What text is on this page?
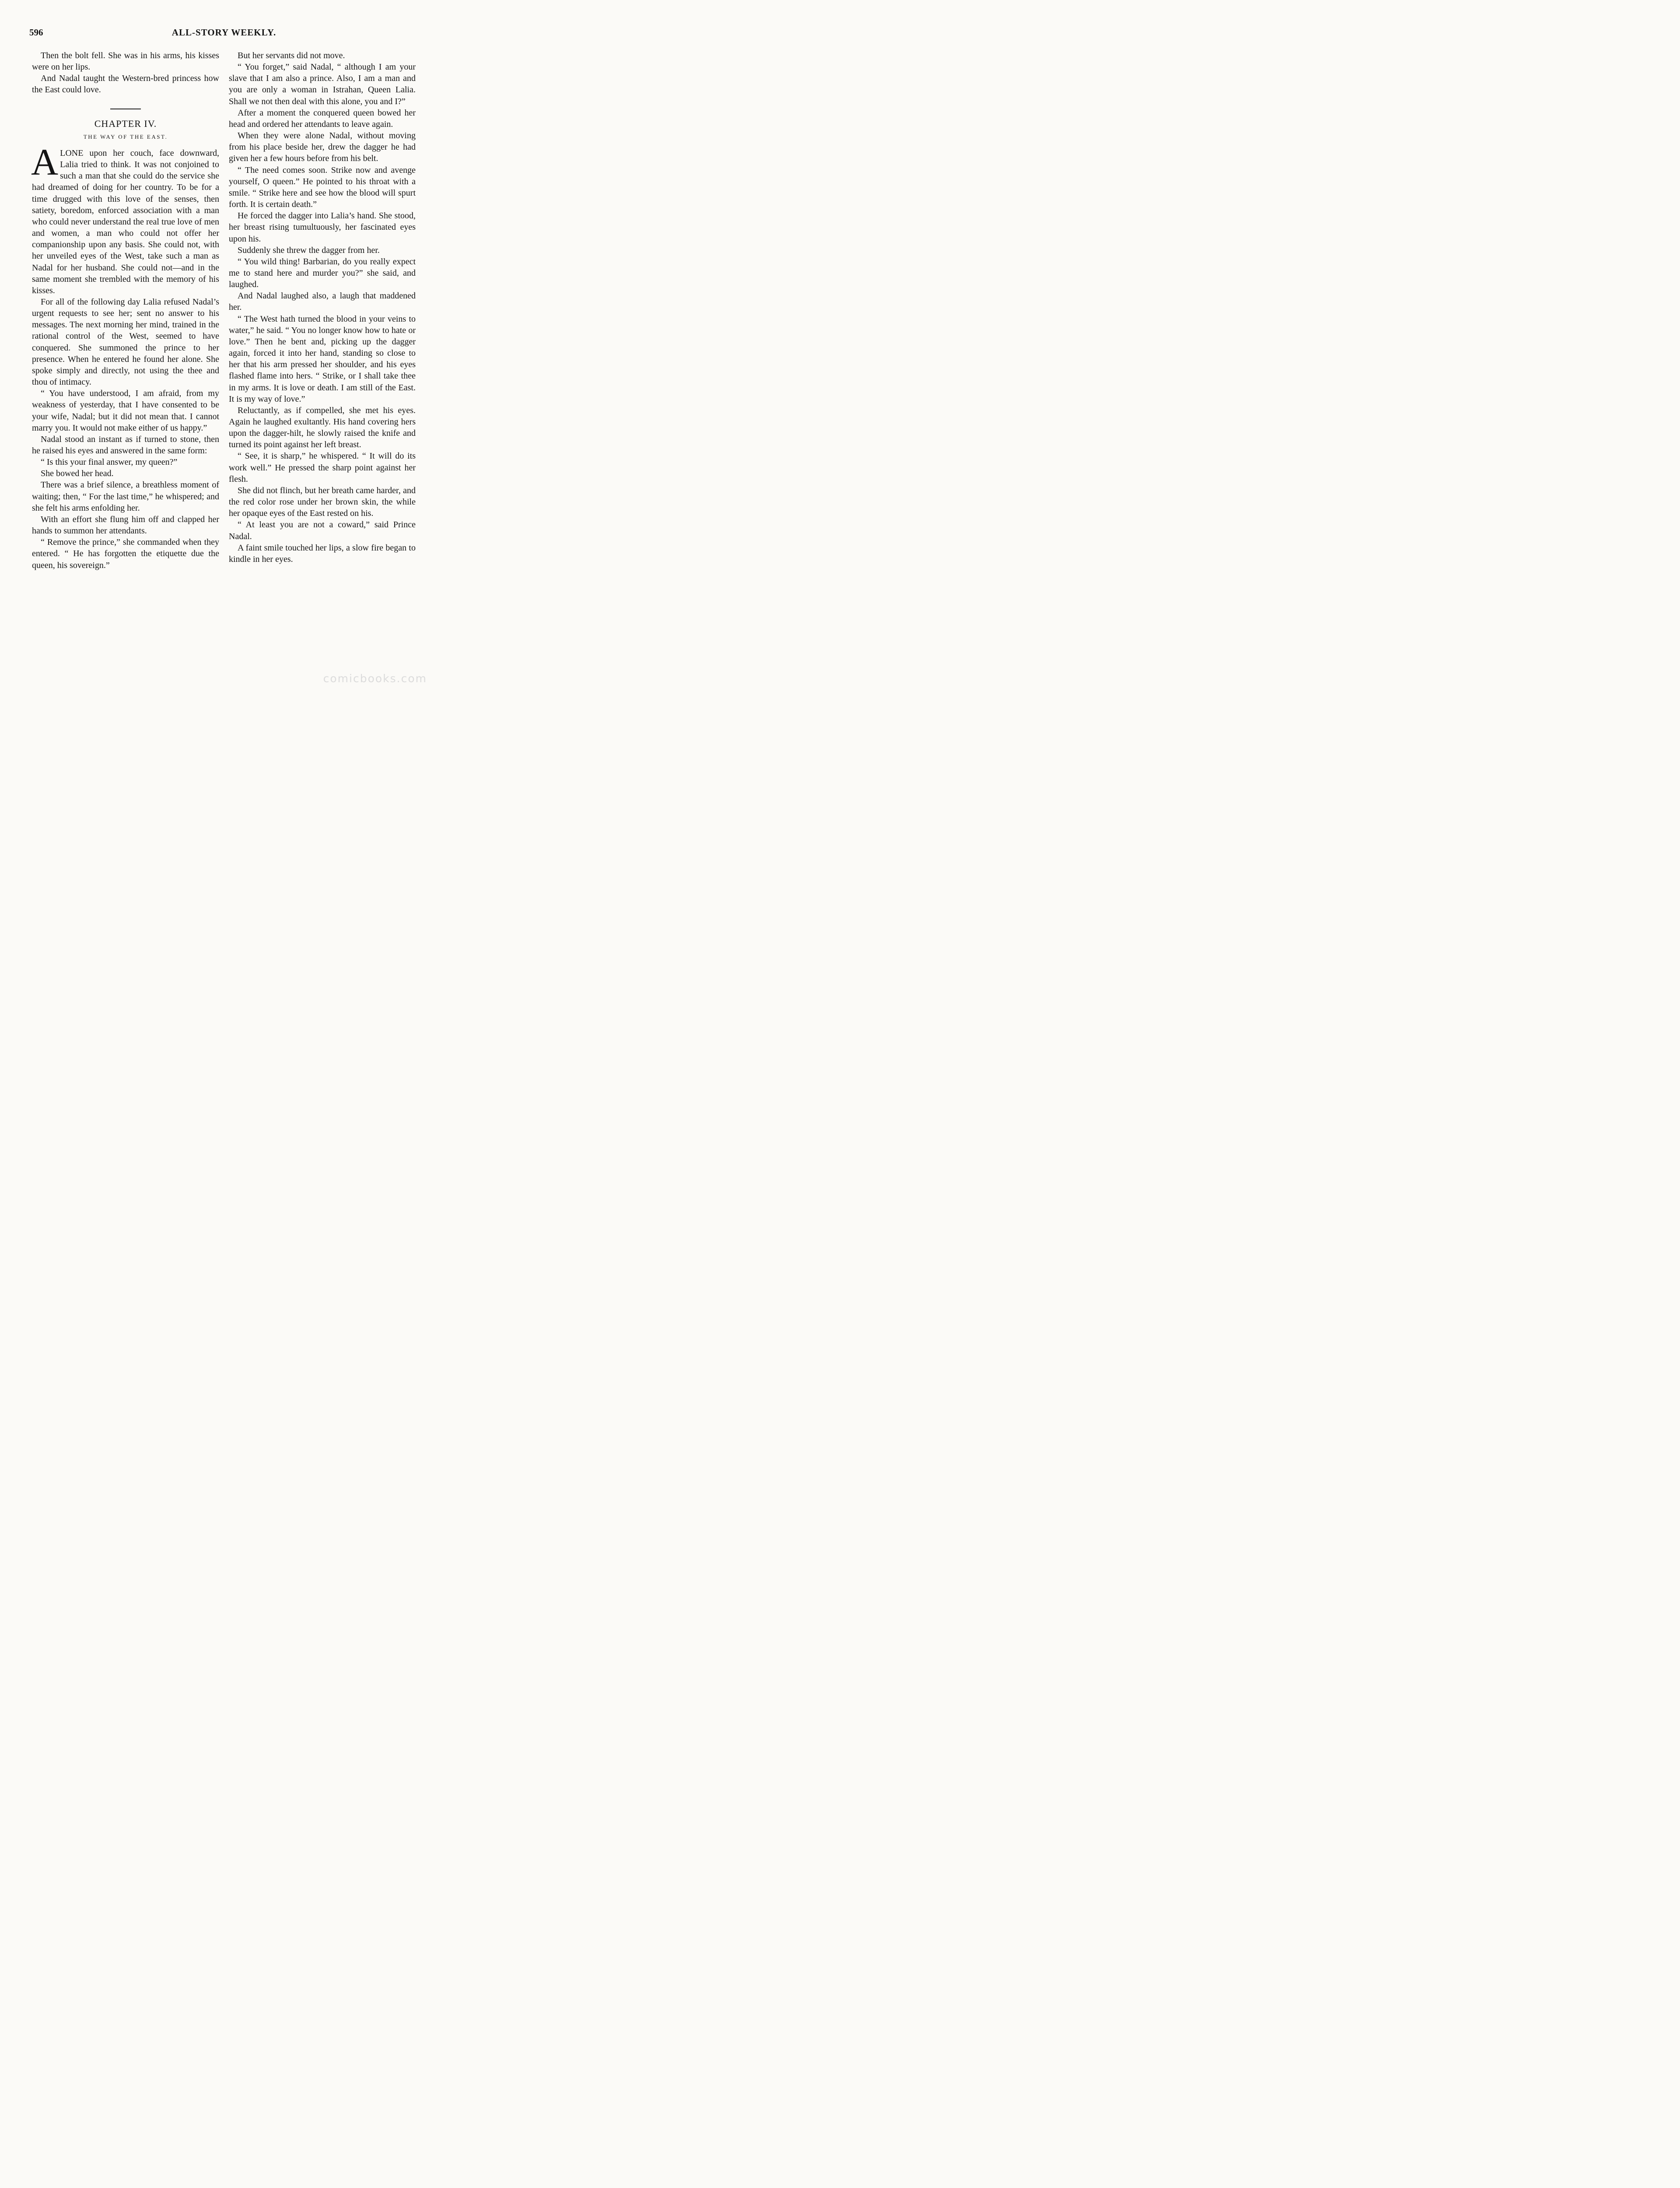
596	ALL-STORY WEEKLY.

Then the bolt fell. She was in his arms, his kisses were on her lips.

And Nadal taught the Western-bred princess how the East could love.

CHAPTER IV.
THE WAY OF THE EAST.

ALONE upon her couch, face downward, Lalia tried to think. It was not conjoined to such a man that she could do the service she had dreamed of doing for her country. To be for a time drugged with this love of the senses, then satiety, boredom, enforced association with a man who could never understand the real true love of men and women, a man who could not offer her companionship upon any basis. She could not, with her unveiled eyes of the West, take such a man as Nadal for her husband. She could not—and in the same moment she trembled with the memory of his kisses.

For all of the following day Lalia refused Nadal’s urgent requests to see her; sent no answer to his messages. The next morning her mind, trained in the rational control of the West, seemed to have conquered. She summoned the prince to her presence. When he entered he found her alone. She spoke simply and directly, not using the thee and thou of intimacy.

“ You have understood, I am afraid, from my weakness of yesterday, that I have consented to be your wife, Nadal; but it did not mean that. I cannot marry you. It would not make either of us happy.”

Nadal stood an instant as if turned to stone, then he raised his eyes and answered in the same form:

“ Is this your final answer, my queen?”

She bowed her head.

There was a brief silence, a breathless moment of waiting; then, “ For the last time,” he whispered; and she felt his arms enfolding her.

With an effort she flung him off and clapped her hands to summon her attendants.

“ Remove the prince,” she commanded when they entered. “ He has forgotten the etiquette due the queen, his sovereign.”

But her servants did not move.

“ You forget,” said Nadal, “ although I am your slave that I am also a prince. Also, I am a man and you are only a woman in Istrahan, Queen Lalia. Shall we not then deal with this alone, you and I?”

After a moment the conquered queen bowed her head and ordered her attendants to leave again.

When they were alone Nadal, without moving from his place beside her, drew the dagger he had given her a few hours before from his belt.

“ The need comes soon. Strike now and avenge yourself, O queen.” He pointed to his throat with a smile. “ Strike here and see how the blood will spurt forth. It is certain death.”

He forced the dagger into Lalia’s hand. She stood, her breast rising tumultuously, her fascinated eyes upon his.

Suddenly she threw the dagger from her.

“ You wild thing! Barbarian, do you really expect me to stand here and murder you?” she said, and laughed.

And Nadal laughed also, a laugh that maddened her.

“ The West hath turned the blood in your veins to water,” he said. “ You no longer know how to hate or love.” Then he bent and, picking up the dagger again, forced it into her hand, standing so close to her that his arm pressed her shoulder, and his eyes flashed flame into hers. “ Strike, or I shall take thee in my arms. It is love or death. I am still of the East. It is my way of love.”

Reluctantly, as if compelled, she met his eyes. Again he laughed exultantly. His hand covering hers upon the dagger-hilt, he slowly raised the knife and turned its point against her left breast.

“ See, it is sharp,” he whispered. “ It will do its work well.” He pressed the sharp point against her flesh.

She did not flinch, but her breath came harder, and the red color rose under her brown skin, the while her opaque eyes of the East rested on his.

“ At least you are not a coward,” said Prince Nadal.

A faint smile touched her lips, a slow fire began to kindle in her eyes.

comicbooks.com
